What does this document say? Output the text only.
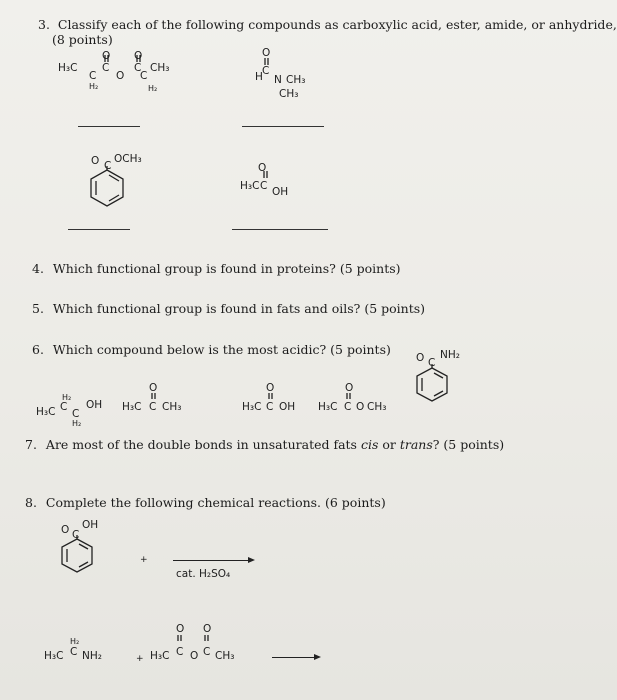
3. Classify each of the following compounds as carboxylic acid, ester, amide, or anhydride,
(8 points)
H₃C
C
H₂
C
O
O
O
C
C
H₂
CH₃
O
H C
N CH₃
CH₃
O C
OCH₃
O
H₃C C OH
4. Which functional group is found in proteins? (5 points)
5. Which functional group is found in fats and oils? (5 points)
6. Which compound below is the most acidic? (5 points)
H₂
H₃C C
C
OH
H₂
O
H₃C C CH₃
O
H₃C C OH
O
H₃C C O CH₃
O C
NH₂
7. Are most of the double bonds in unsaturated fats cis or trans? (5 points)
8. Complete the following chemical reactions. (6 points)
O C
OH
+
cat. H₂SO₄
H₂
H₃C C NH₂	+
O O
H₃C C O C CH₃
